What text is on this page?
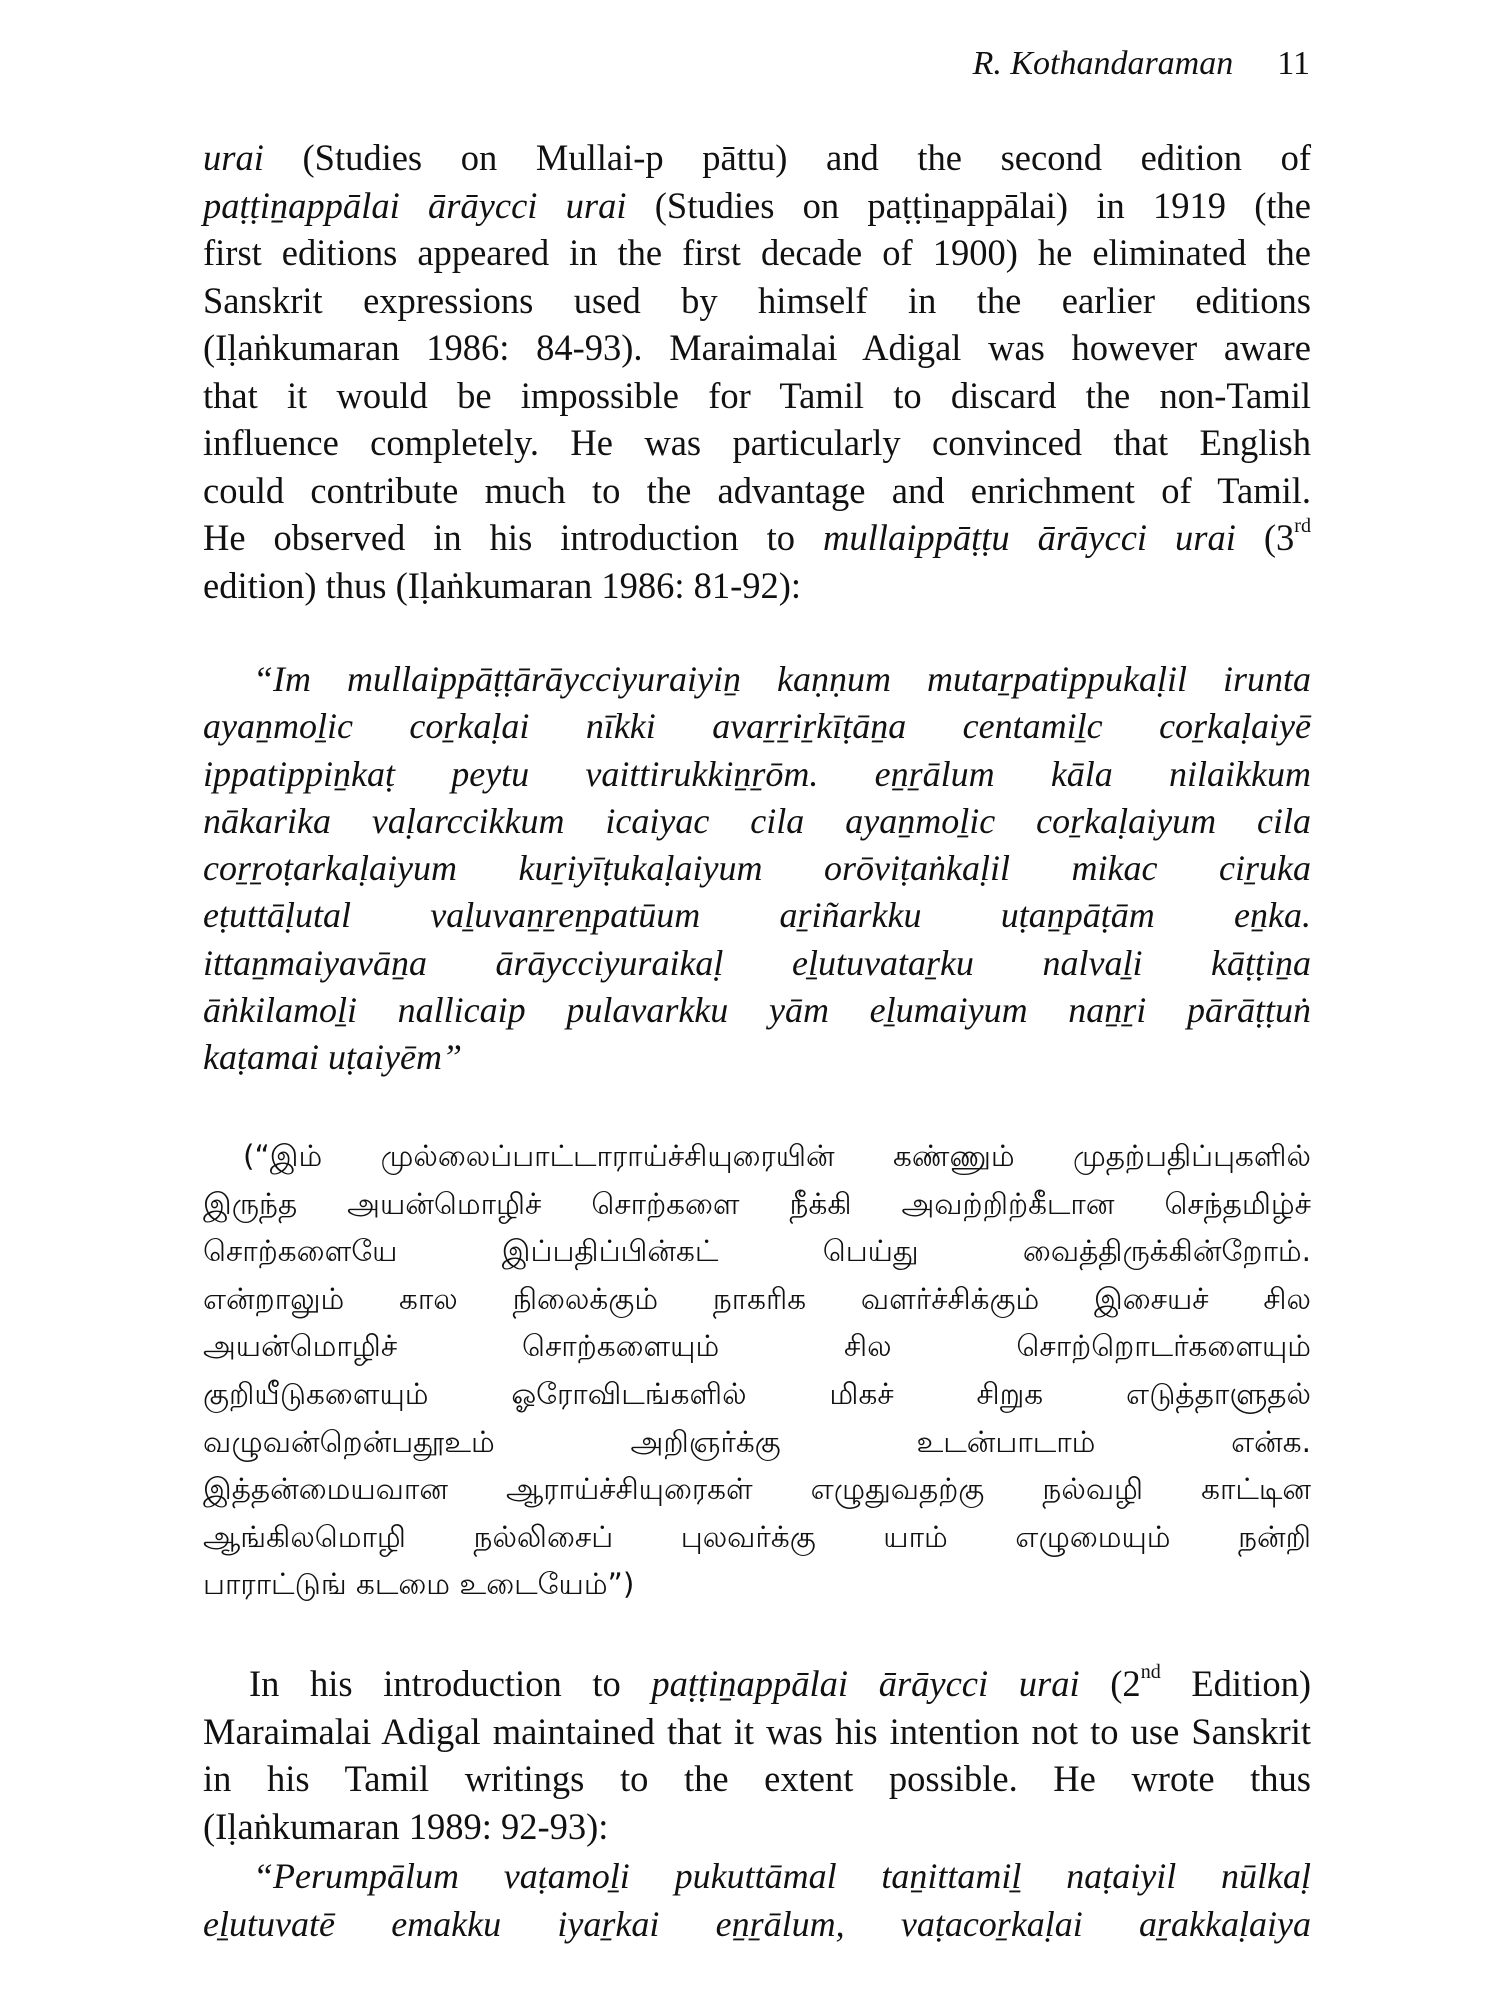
R. Kothandaraman 11
urai (Studies on Mullai-p pāttu) and the second edition of
paṭṭiṉappālai ārāycci urai (Studies on paṭṭiṉappālai) in 1919 (the
first editions appeared in the first decade of 1900) he eliminated the
Sanskrit expressions used by himself in the earlier editions
(Iḷaṅkumaran 1986: 84-93). Maraimalai Adigal was however aware
that it would be impossible for Tamil to discard the non-Tamil
influence completely. He was particularly convinced that English
could contribute much to the advantage and enrichment of Tamil.
He observed in his introduction to mullaippāṭṭu ārāycci urai (3rd
edition) thus (Iḷaṅkumaran 1986: 81-92):
“Im mullaippāṭṭārāycciyuraiyiṉ kaṇṇum mutaṟpatippukaḷil irunta
ayaṉmoḻic coṟkaḷai nīkki avaṟṟiṟkīṭāṉa centamiḻc coṟkaḷaiyē
ippatippiṉkaṭ peytu vaittirukkiṉṟōm. eṉṟālum kāla nilaikkum
nākarika vaḷarccikkum icaiyac cila ayaṉmoḻic coṟkaḷaiyum cila
coṟṟoṭarkaḷaiyum kuṟiyīṭukaḷaiyum orōviṭaṅkaḷil mikac ciṟuka
eṭuttāḷutal vaḻuvaṉṟeṉpatūum aṟiñarkku uṭaṉpāṭām eṉka.
ittaṉmaiyavāṉa ārāycciyuraikaḷ eḻutuvataṟku nalvaḻi kāṭṭiṉa
āṅkilamoḻi nallicaip pulavarkku yām eḻumaiyum naṉṟi pārāṭṭuṅ
kaṭamai uṭaiyēm”
(“இம் முல்லைப்பாட்டாராய்ச்சியுரையின் கண்ணும் முதற்பதிப்புகளில்
இருந்த அயன்மொழிச் சொற்களை நீக்கி அவற்றிற்கீடான செந்தமிழ்ச்
சொற்களையே இப்பதிப்பின்கட் பெய்து வைத்திருக்கின்றோம்.
என்றாலும் கால நிலைக்கும் நாகரிக வளர்ச்சிக்கும் இசையச் சில
அயன்மொழிச் சொற்களையும் சில சொற்றொடர்களையும்
குறியீடுகளையும் ஓரோவிடங்களில் மிகச் சிறுக எடுத்தாளுதல்
வழுவன்றென்பதூஉம் அறிஞர்க்கு உடன்பாடாம் என்க.
இத்தன்மையவான ஆராய்ச்சியுரைகள் எழுதுவதற்கு நல்வழி காட்டின
ஆங்கிலமொழி நல்லிசைப் புலவர்க்கு யாம் எழுமையும் நன்றி
பாராட்டுங் கடமை உடையேம்”)
In his introduction to paṭṭiṉappālai ārāycci urai (2nd Edition)
Maraimalai Adigal maintained that it was his intention not to use Sanskrit
in his Tamil writings to the extent possible. He wrote thus
(Iḷaṅkumaran 1989: 92-93):
“Perumpālum vaṭamoḻi pukuttāmal taṉittamiḻ naṭaiyil nūlkaḷ
eḻutuvatē emakku iyaṟkai eṉṟālum, vaṭacoṟkaḷai aṟakkaḷaiya
